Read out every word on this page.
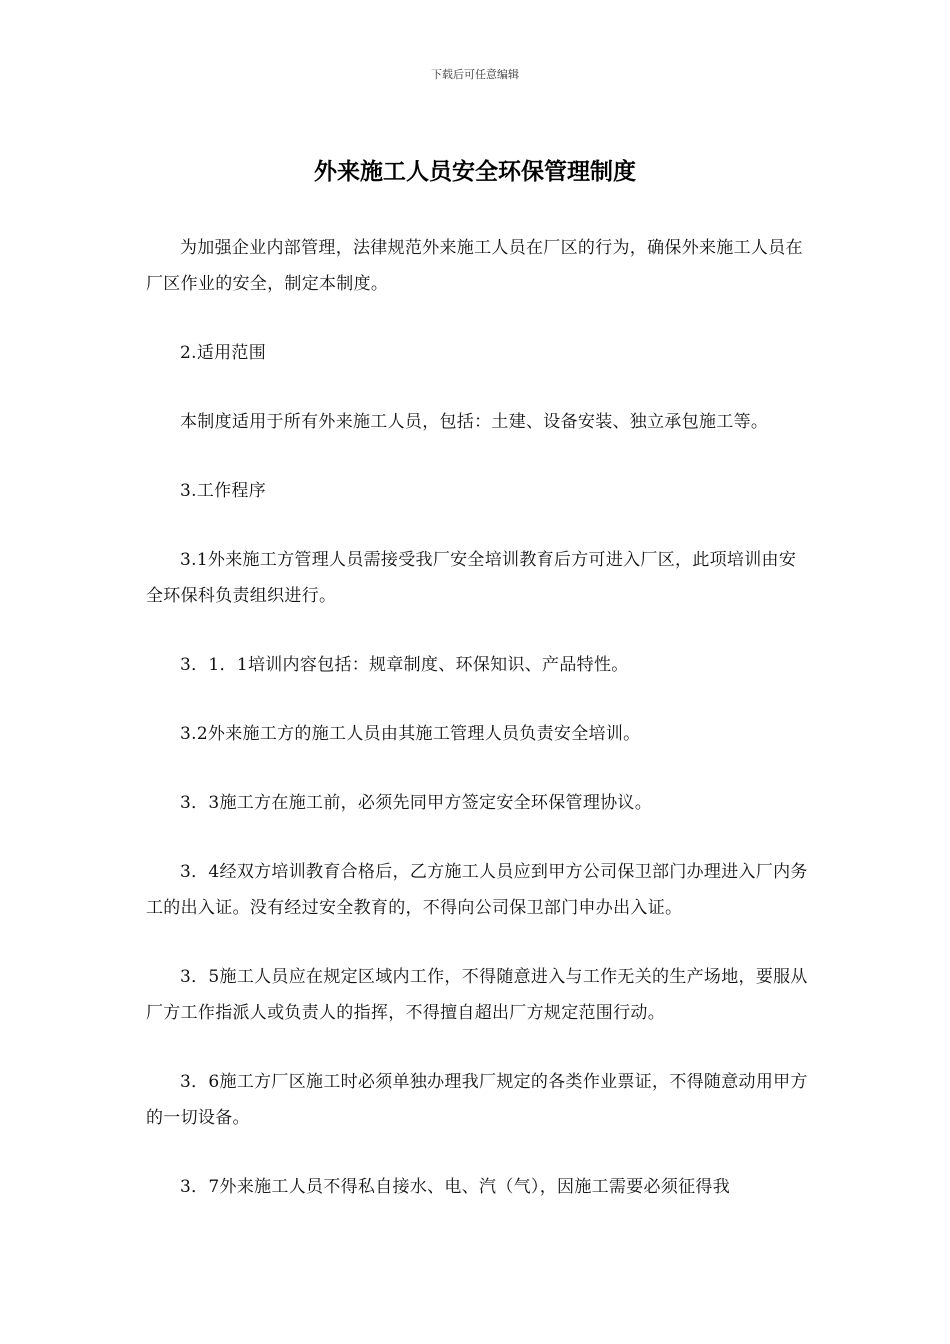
下载后可任意编辑
外来施工人员安全环保管理制度

为加强企业内部管理，法律规范外来施工人员在厂区的行为，确保外来施工人员在厂区作业的安全，制定本制度。

2.适用范围

本制度适用于所有外来施工人员，包括：土建、设备安装、独立承包施工等。

3.工作程序

3.1外来施工方管理人员需接受我厂安全培训教育后方可进入厂区，此项培训由安全环保科负责组织进行。

3．1．1培训内容包括：规章制度、环保知识、产品特性。

3.2外来施工方的施工人员由其施工管理人员负责安全培训。

3．3施工方在施工前，必须先同甲方签定安全环保管理协议。

3．4经双方培训教育合格后，乙方施工人员应到甲方公司保卫部门办理进入厂内务工的出入证。没有经过安全教育的，不得向公司保卫部门申办出入证。

3．5施工人员应在规定区域内工作，不得随意进入与工作无关的生产场地，要服从厂方工作指派人或负责人的指挥，不得擅自超出厂方规定范围行动。

3．6施工方厂区施工时必须单独办理我厂规定的各类作业票证，不得随意动用甲方的一切设备。

3．7外来施工人员不得私自接水、电、汽（气），因施工需要必须征得我
